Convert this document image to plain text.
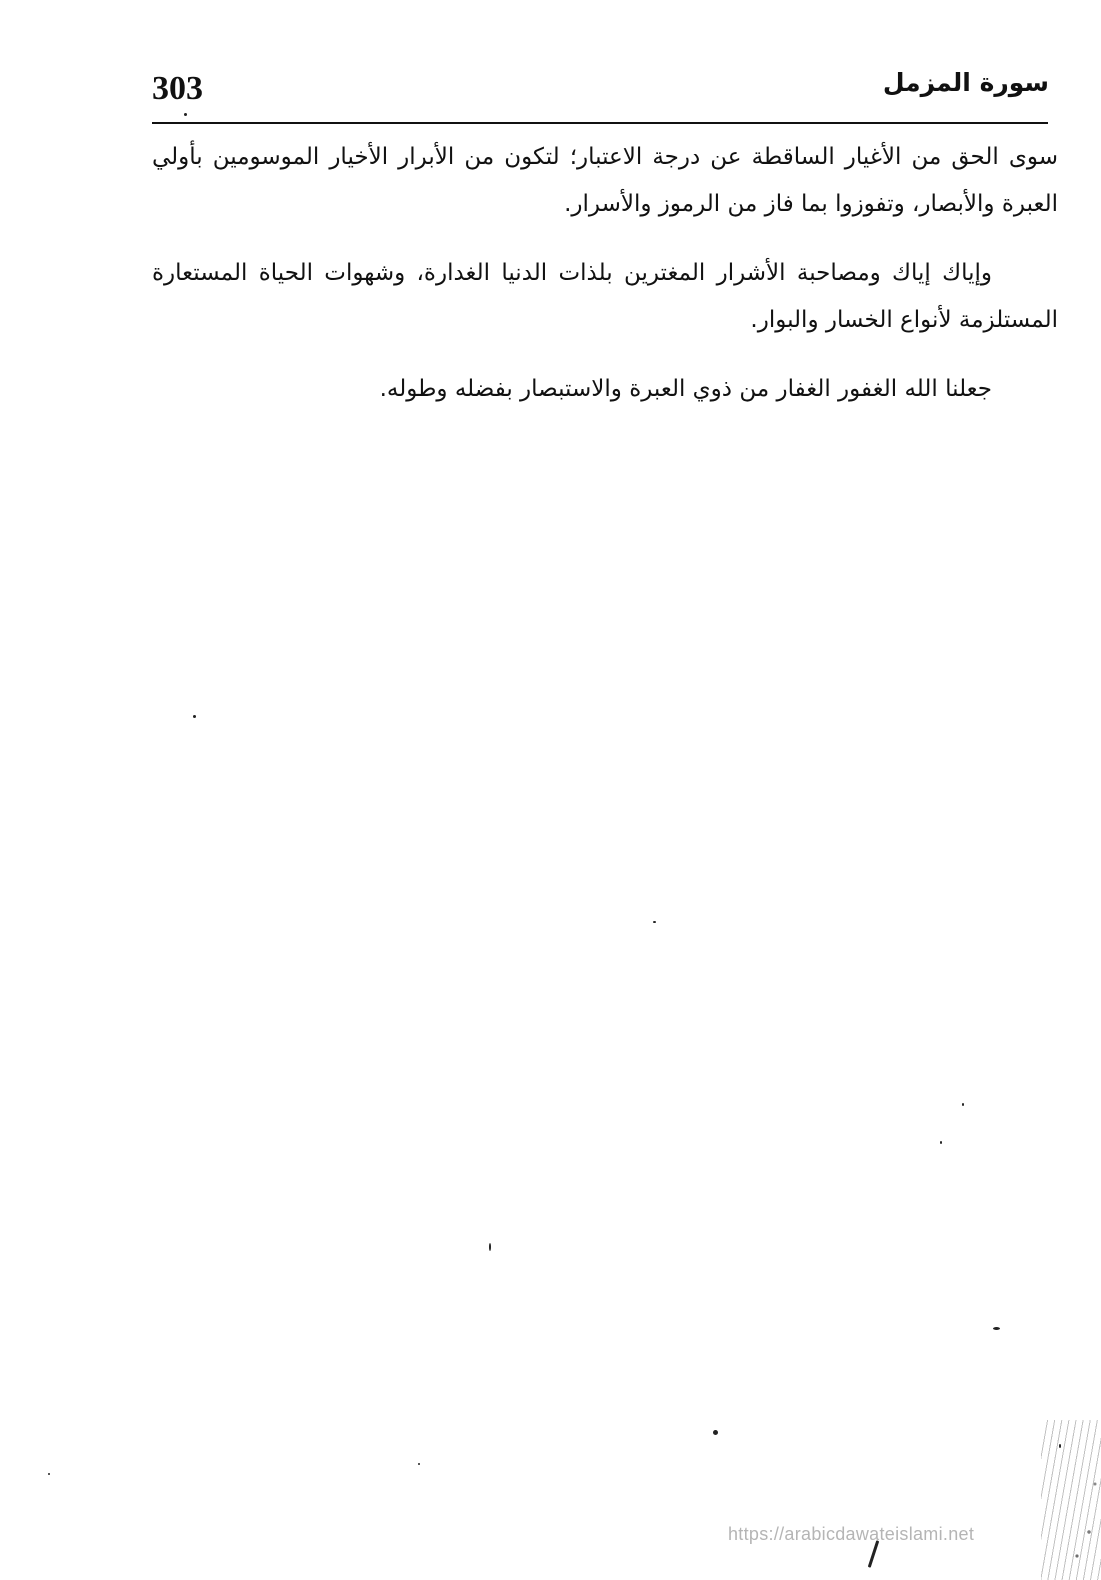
303	سورة المزمل

سوى الحق من الأغيار الساقطة عن درجة الاعتبار؛ لتكون من الأبرار الأخيار الموسومين بأولي العبرة والأبصار، وتفوزوا بما فاز من الرموز والأسرار.

وإياك إياك ومصاحبة الأشرار المغترين بلذات الدنيا الغدارة، وشهوات الحياة المستعارة المستلزمة لأنواع الخسار والبوار.

جعلنا الله الغفور الغفار من ذوي العبرة والاستبصار بفضله وطوله.

https://arabicdawateislami.net
